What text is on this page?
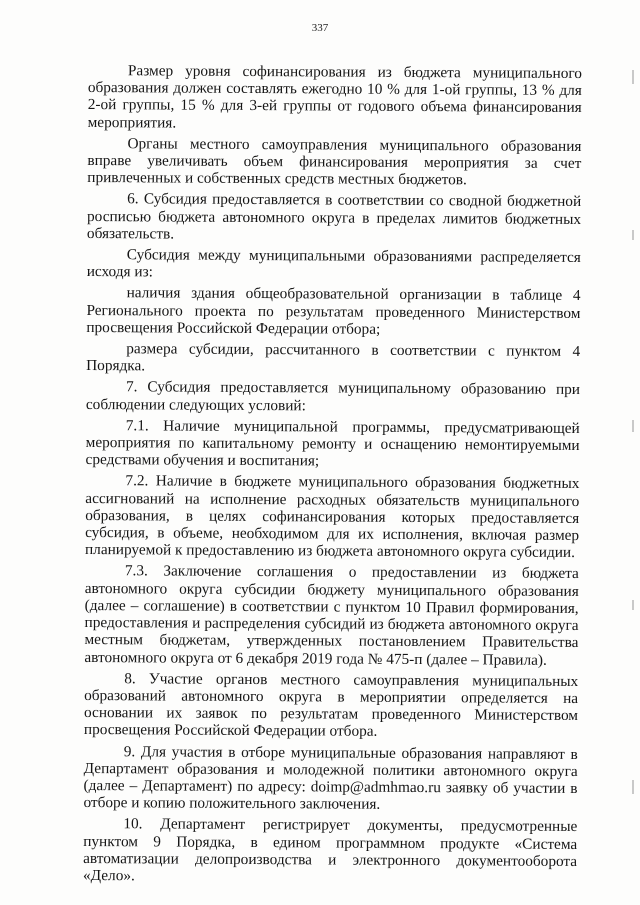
337

Размер уровня софинансирования из бюджета муниципального образования должен составлять ежегодно 10 % для 1-ой группы, 13 % для 2-ой группы, 15 % для 3-ей группы от годового объема финансирования мероприятия.

Органы местного самоуправления муниципального образования вправе увеличивать объем финансирования мероприятия за счет привлеченных и собственных средств местных бюджетов.

6. Субсидия предоставляется в соответствии со сводной бюджетной росписью бюджета автономного округа в пределах лимитов бюджетных обязательств.

Субсидия между муниципальными образованиями распределяется исходя из:

наличия здания общеобразовательной организации в таблице 4 Регионального проекта по результатам проведенного Министерством просвещения Российской Федерации отбора;

размера субсидии, рассчитанного в соответствии с пунктом 4 Порядка.

7. Субсидия предоставляется муниципальному образованию при соблюдении следующих условий:

7.1. Наличие муниципальной программы, предусматривающей мероприятия по капитальному ремонту и оснащению немонтируемыми средствами обучения и воспитания;

7.2. Наличие в бюджете муниципального образования бюджетных ассигнований на исполнение расходных обязательств муниципального образования, в целях софинансирования которых предоставляется субсидия, в объеме, необходимом для их исполнения, включая размер планируемой к предоставлению из бюджета автономного округа субсидии.

7.3. Заключение соглашения о предоставлении из бюджета автономного округа субсидии бюджету муниципального образования (далее – соглашение) в соответствии с пунктом 10 Правил формирования, предоставления и распределения субсидий из бюджета автономного округа местным бюджетам, утвержденных постановлением Правительства автономного округа от 6 декабря 2019 года № 475-п (далее – Правила).

8. Участие органов местного самоуправления муниципальных образований автономного округа в мероприятии определяется на основании их заявок по результатам проведенного Министерством просвещения Российской Федерации отбора.

9. Для участия в отборе муниципальные образования направляют в Департамент образования и молодежной политики автономного округа (далее – Департамент) по адресу: doimp@admhmao.ru заявку об участии в отборе и копию положительного заключения.

10. Департамент регистрирует документы, предусмотренные пунктом 9 Порядка, в едином программном продукте «Система автоматизации делопроизводства и электронного документооборота «Дело».
